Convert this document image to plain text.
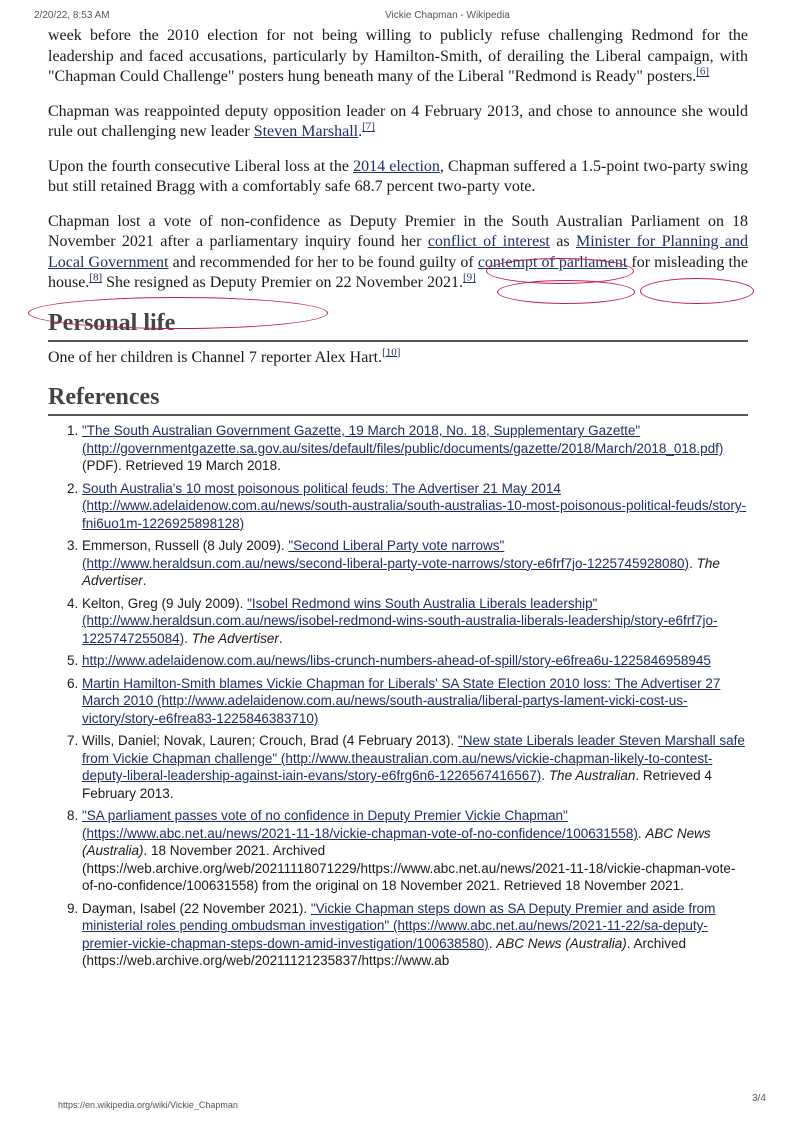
2/20/22, 8:53 AM	Vickie Chapman - Wikipedia

week before the 2010 election for not being willing to publicly refuse challenging Redmond for the leadership and faced accusations, particularly by Hamilton-Smith, of derailing the Liberal campaign, with "Chapman Could Challenge" posters hung beneath many of the Liberal "Redmond is Ready" posters.[6]

Chapman was reappointed deputy opposition leader on 4 February 2013, and chose to announce she would rule out challenging new leader Steven Marshall.[7]

Upon the fourth consecutive Liberal loss at the 2014 election, Chapman suffered a 1.5-point two-party swing but still retained Bragg with a comfortably safe 68.7 percent two-party vote.

Chapman lost a vote of non-confidence as Deputy Premier in the South Australian Parliament on 18 November 2021 after a parliamentary inquiry found her conflict of interest as Minister for Planning and Local Government and recommended for her to be found guilty of contempt of parliament for misleading the house.[8] She resigned as Deputy Premier on 22 November 2021.[9]

Personal life

One of her children is Channel 7 reporter Alex Hart.[10]

References
1. "The South Australian Government Gazette, 19 March 2018, No. 18, Supplementary Gazette" (http://governmentgazette.sa.gov.au/sites/default/files/public/documents/gazette/2018/March/2018_018.pdf) (PDF). Retrieved 19 March 2018.
2. South Australia's 10 most poisonous political feuds: The Advertiser 21 May 2014 (http://www.adelaidenow.com.au/news/south-australia/south-australias-10-most-poisonous-political-feuds/story-fni6uo1m-1226925898128)
3. Emmerson, Russell (8 July 2009). "Second Liberal Party vote narrows" (http://www.heraldsun.com.au/news/second-liberal-party-vote-narrows/story-e6frf7jo-1225745928080). The Advertiser.
4. Kelton, Greg (9 July 2009). "Isobel Redmond wins South Australia Liberals leadership" (http://www.heraldsun.com.au/news/isobel-redmond-wins-south-australia-liberals-leadership/story-e6frf7jo-1225747255084). The Advertiser.
5. http://www.adelaidenow.com.au/news/libs-crunch-numbers-ahead-of-spill/story-e6frea6u-1225846958945
6. Martin Hamilton-Smith blames Vickie Chapman for Liberals' SA State Election 2010 loss: The Advertiser 27 March 2010 (http://www.adelaidenow.com.au/news/south-australia/liberal-partys-lament-vicki-cost-us-victory/story-e6frea83-1225846383710)
7. Wills, Daniel; Novak, Lauren; Crouch, Brad (4 February 2013). "New state Liberals leader Steven Marshall safe from Vickie Chapman challenge" (http://www.theaustralian.com.au/news/vickie-chapman-likely-to-contest-deputy-liberal-leadership-against-iain-evans/story-e6frg6n6-1226567416567). The Australian. Retrieved 4 February 2013.
8. "SA parliament passes vote of no confidence in Deputy Premier Vickie Chapman" (https://www.abc.net.au/news/2021-11-18/vickie-chapman-vote-of-no-confidence/100631558). ABC News (Australia). 18 November 2021. Archived (https://web.archive.org/web/20211118071229/https://www.abc.net.au/news/2021-11-18/vickie-chapman-vote-of-no-confidence/100631558) from the original on 18 November 2021. Retrieved 18 November 2021.
9. Dayman, Isabel (22 November 2021). "Vickie Chapman steps down as SA Deputy Premier and aside from ministerial roles pending ombudsman investigation" (https://www.abc.net.au/news/2021-11-22/sa-deputy-premier-vickie-chapman-steps-down-amid-investigation/100638580). ABC News (Australia). Archived (https://web.archive.org/web/20211121235837/https://www.ab
https://en.wikipedia.org/wiki/Vickie_Chapman
3/4
